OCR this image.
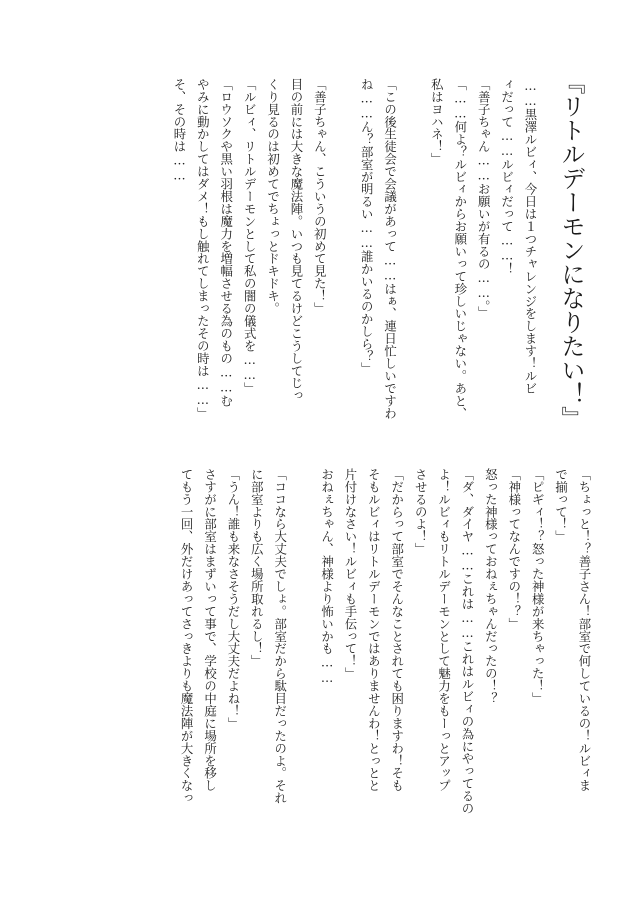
『リトルデーモンになりたい！』

……黒澤ルビィ、今日は１つチャレンジをします！ルビ

ィだって……ルビィだって……！

「善子ちゃん……お願いが有るの……。」

「……何よ？ルビィからお願いって珍しいじゃない。あと、

私はヨハネ！」

「この後生徒会で会議があって……はぁ、連日忙しいですわ

ね……ん？部室が明るい……誰かいるのかしら？」

「善子ちゃん、こういうの初めて見た！」

目の前には大きな魔法陣。いつも見てるけどこうしてじっ

くり見るのは初めてでちょっとドキドキ。

「ルビィ、リトルデーモンとして私の闇の儀式を……」

「ロウソクや黒い羽根は魔力を増幅させる為のもの……む

やみに動かしてはダメ！もし触れてしまったその時は……」

そ、その時は……

「ちょっと！？善子さん！部室で何しているの！ルビィま

で揃って！」

「ピギィ！？怒った神様が来ちゃった！」

「神様ってなんですの！？」

怒った神様っておねぇちゃんだったの！？

「ダ、ダイヤ……これは……これはルビィの為にやってるの

よ！ルビィもリトルデーモンとして魅力をもーっとアップ

させるのよ！」

「だからって部室でそんなことされても困りますわ！そも

そもルビィはリトルデーモンではありませんわ！とっとと

片付けなさい！ルビィも手伝って！」

おねぇちゃん、神様より怖いかも……

「ココなら大丈夫でしょ。部室だから駄目だったのよ。それ

に部室よりも広く場所取れるし！」

「うん！誰も来なさそうだし大丈夫だよね！」

さすがに部室はまずいって事で、学校の中庭に場所を移し

てもう一回、外だけあってさっきよりも魔法陣が大きくなっ
